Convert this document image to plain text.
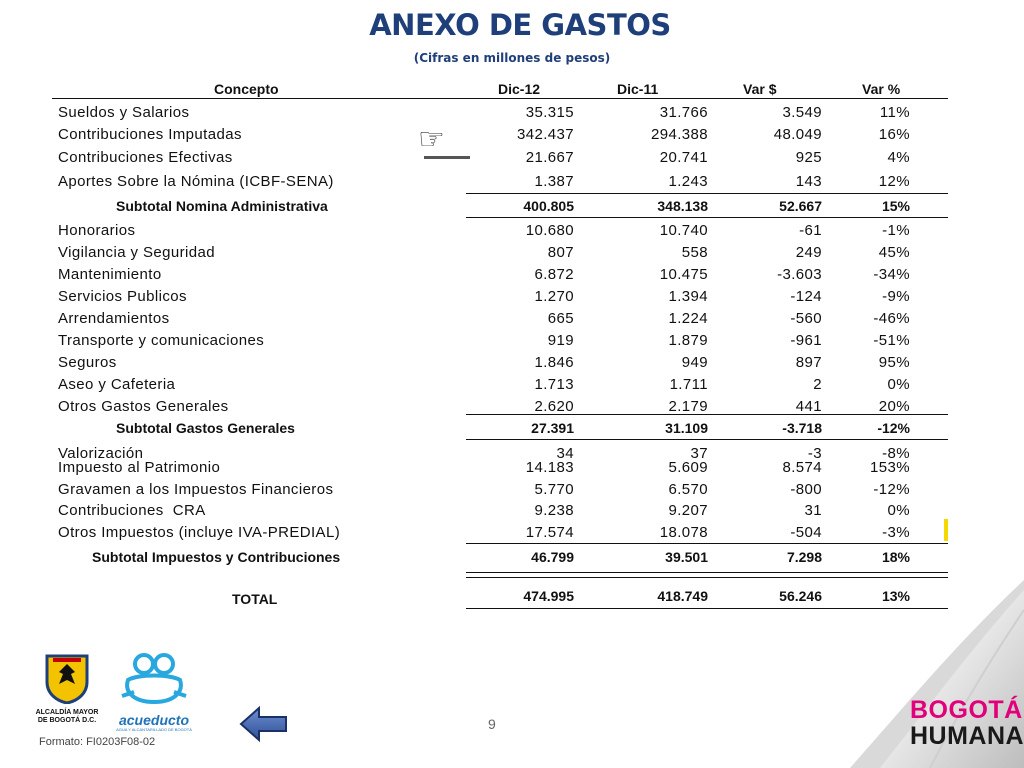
ANEXO DE GASTOS
(Cifras en millones de pesos)
Concepto	Dic-12	Dic-11	Var $	Var %
Sueldos y Salarios	35.315	31.766	3.549	11%
Contribuciones Imputadas	342.437	294.388	48.049	16%
Contribuciones Efectivas	21.667	20.741	925	4%
Aportes Sobre la Nómina (ICBF-SENA)	1.387	1.243	143	12%
Subtotal Nomina Administrativa	400.805	348.138	52.667	15%
Honorarios	10.680	10.740	-61	-1%
Vigilancia y Seguridad	807	558	249	45%
Mantenimiento	6.872	10.475	-3.603	-34%
Servicios Publicos	1.270	1.394	-124	-9%
Arrendamientos	665	1.224	-560	-46%
Transporte y comunicaciones	919	1.879	-961	-51%
Seguros	1.846	949	897	95%
Aseo y Cafeteria	1.713	1.711	2	0%
Otros Gastos Generales	2.620	2.179	441	20%
Subtotal Gastos Generales	27.391	31.109	-3.718	-12%
Valorización	34	37	-3	-8%
Impuesto al Patrimonio	14.183	5.609	8.574	153%
Gravamen a los Impuestos Financieros	5.770	6.570	-800	-12%
Contribuciones  CRA	9.238	9.207	31	0%
Otros Impuestos (incluye IVA-PREDIAL)	17.574	18.078	-504	-3%
Subtotal Impuestos y Contribuciones	46.799	39.501	7.298	18%
TOTAL	474.995	418.749	56.246	13%
☞
ALCALDÍA MAYOR
DE BOGOTÁ D.C.	acueducto
AGUA Y ALCANTARILLADO DE BOGOTÁ	9
Formato: FI0203F08-02
BOGOTÁ
HUMANA
